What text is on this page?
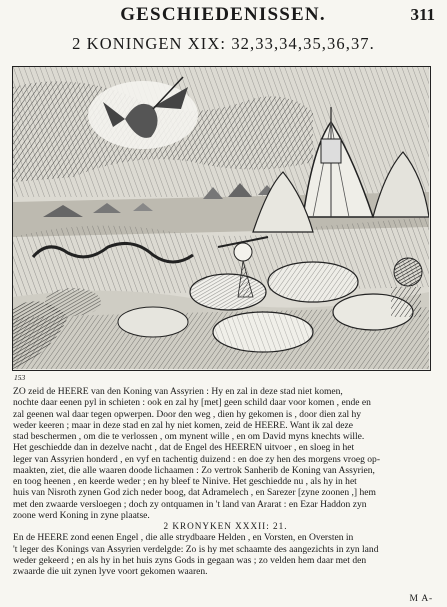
GESCHIEDENISSEN.	311
2 KONINGEN XIX: 32,33,34,35,36,37.
153
ZO zeid de HEERE van den Koning van Assyrien : Hy en zal in deze stad niet komen,
nochte daar eenen pyl in schieten : ook en zal hy [met] geen schild daar voor komen , ende en
zal geenen wal daar tegen opwerpen. Door den weg , dien hy gekomen is , door dien zal hy
weder keeren ; maar in deze stad en zal hy niet komen, zeid de HEERE. Want ik zal deze
stad beschermen , om die te verlossen , om mynent wille , en om David myns knechts wille.
Het geschiedde dan in dezelve nacht , dat de Engel des HEEREN uitvoer , en sloeg in het
leger van Assyrien honderd , en vyf en tachentig duizend : en doe zy hen des morgens vroeg op-
maakten, ziet, die alle waaren doode lichaamen : Zo vertrok Sanherib de Koning van Assyrien,
en toog heenen , en keerde weder ; en hy bleef te Ninive. Het geschiedde nu , als hy in het
huis van Nisroth zynen God zich neder boog, dat Adramelech , en Sarezer [zyne zoonen ,] hem
met den zwaarde versloegen ; doch zy ontquamen in 't land van Ararat : en Ezar Haddon zyn
zoone werd Koning in zyne plaatse.
2 KRONYKEN XXXII: 21.
En de HEERE zond eenen Engel , die alle strydbaare Helden , en Vorsten, en Oversten in
't leger des Konings van Assyrien verdelgde: Zo is hy met schaamte des aangezichts in zyn land
weder gekeerd ; en als hy in het huis zyns Gods in gegaan was ; zo velden hem daar met den
zwaarde die uit zynen lyve voort gekomen waaren.
M A-
